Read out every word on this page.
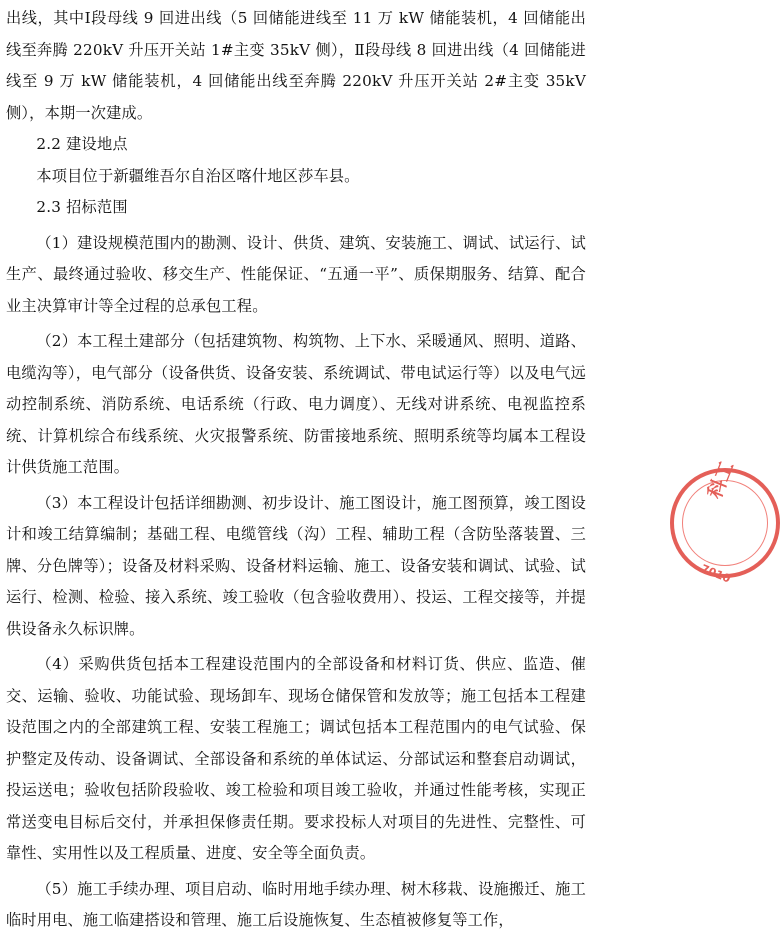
出线，其中Ⅰ段母线 9 回进出线（5 回储能进线至 11 万 kW 储能装机，4 回储能出线至奔腾 220kV 升压开关站 1#主变 35kV 侧），Ⅱ段母线 8 回进出线（4 回储能进线至 9 万 kW 储能装机，4 回储能出线至奔腾 220kV 升压开关站 2#主变 35kV 侧），本期一次建成。

2.2 建设地点

本项目位于新疆维吾尔自治区喀什地区莎车县。

2.3 招标范围

（1）建设规模范围内的勘测、设计、供货、建筑、安装施工、调试、试运行、试生产、最终通过验收、移交生产、性能保证、“五通一平”、质保期服务、结算、配合业主决算审计等全过程的总承包工程。

（2）本工程土建部分（包括建筑物、构筑物、上下水、采暖通风、照明、道路、电缆沟等），电气部分（设备供货、设备安装、系统调试、带电试运行等）以及电气远动控制系统、消防系统、电话系统（行政、电力调度）、无线对讲系统、电视监控系统、计算机综合布线系统、火灾报警系统、防雷接地系统、照明系统等均属本工程设计供货施工范围。

（3）本工程设计包括详细勘测、初步设计、施工图设计，施工图预算，竣工图设计和竣工结算编制；基础工程、电缆管线（沟）工程、辅助工程（含防坠落装置、三牌、分色牌等）；设备及材料采购、设备材料运输、施工、设备安装和调试、试验、试运行、检测、检验、接入系统、竣工验收（包含验收费用）、投运、工程交接等，并提供设备永久标识牌。

（4）采购供货包括本工程建设范围内的全部设备和材料订货、供应、监造、催交、运输、验收、功能试验、现场卸车、现场仓储保管和发放等；施工包括本工程建设范围之内的全部建筑工程、安装工程施工；调试包括本工程范围内的电气试验、保护整定及传动、设备调试、全部设备和系统的单体试运、分部试运和整套启动调试，投运送电；验收包括阶段验收、竣工检验和项目竣工验收，并通过性能考核，实现正常送变电目标后交付，并承担保修责任期。要求投标人对项目的先进性、完整性、可靠性、实用性以及工程质量、进度、安全等全面负责。

（5）施工手续办理、项目启动、临时用地手续办理、树木移栽、设施搬迁、施工临时用电、施工临建搭设和管理、施工后设施恢复、生态植被修复等工作，

科工
7010
